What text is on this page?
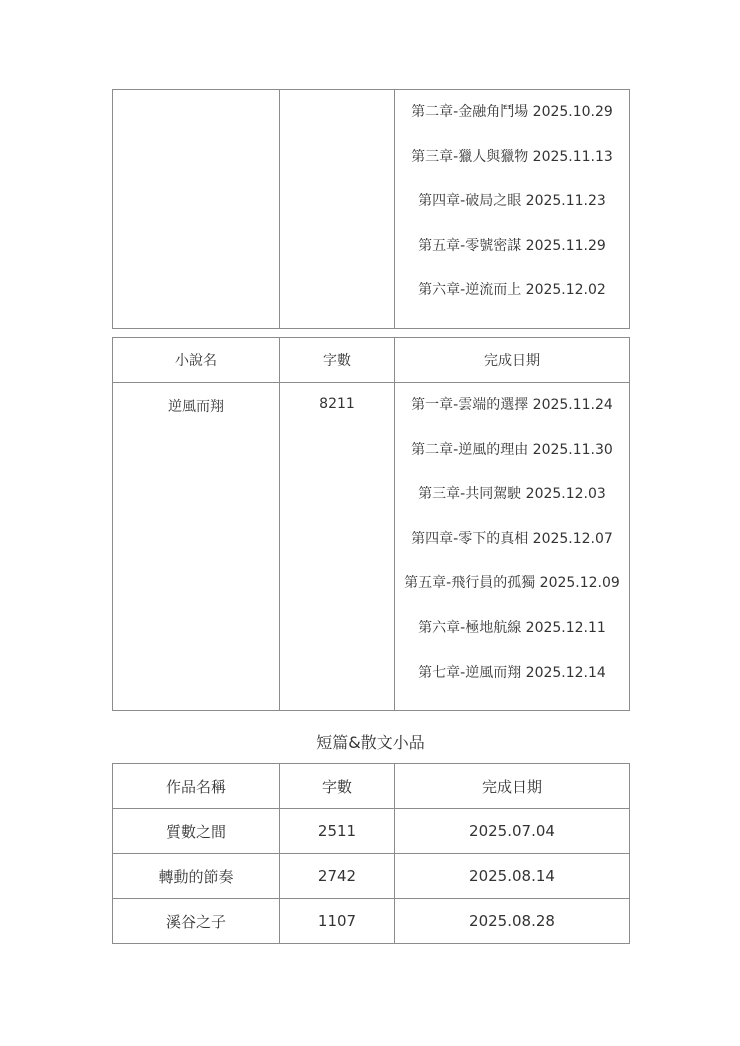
第二章-金融角鬥場 2025.10.29
第三章-獵人與獵物 2025.11.13
第四章-破局之眼 2025.11.23
第五章-零號密謀 2025.11.29
第六章-逆流而上 2025.12.02
小說名	字數	完成日期
逆風而翔	8211	第一章-雲端的選擇 2025.11.24
第二章-逆風的理由 2025.11.30
第三章-共同駕駛 2025.12.03
第四章-零下的真相 2025.12.07
第五章-飛行員的孤獨 2025.12.09
第六章-極地航線 2025.12.11
第七章-逆風而翔 2025.12.14
短篇&散文小品
作品名稱	字數	完成日期
質數之間	2511	2025.07.04
轉動的節奏	2742	2025.08.14
溪谷之子	1107	2025.08.28
